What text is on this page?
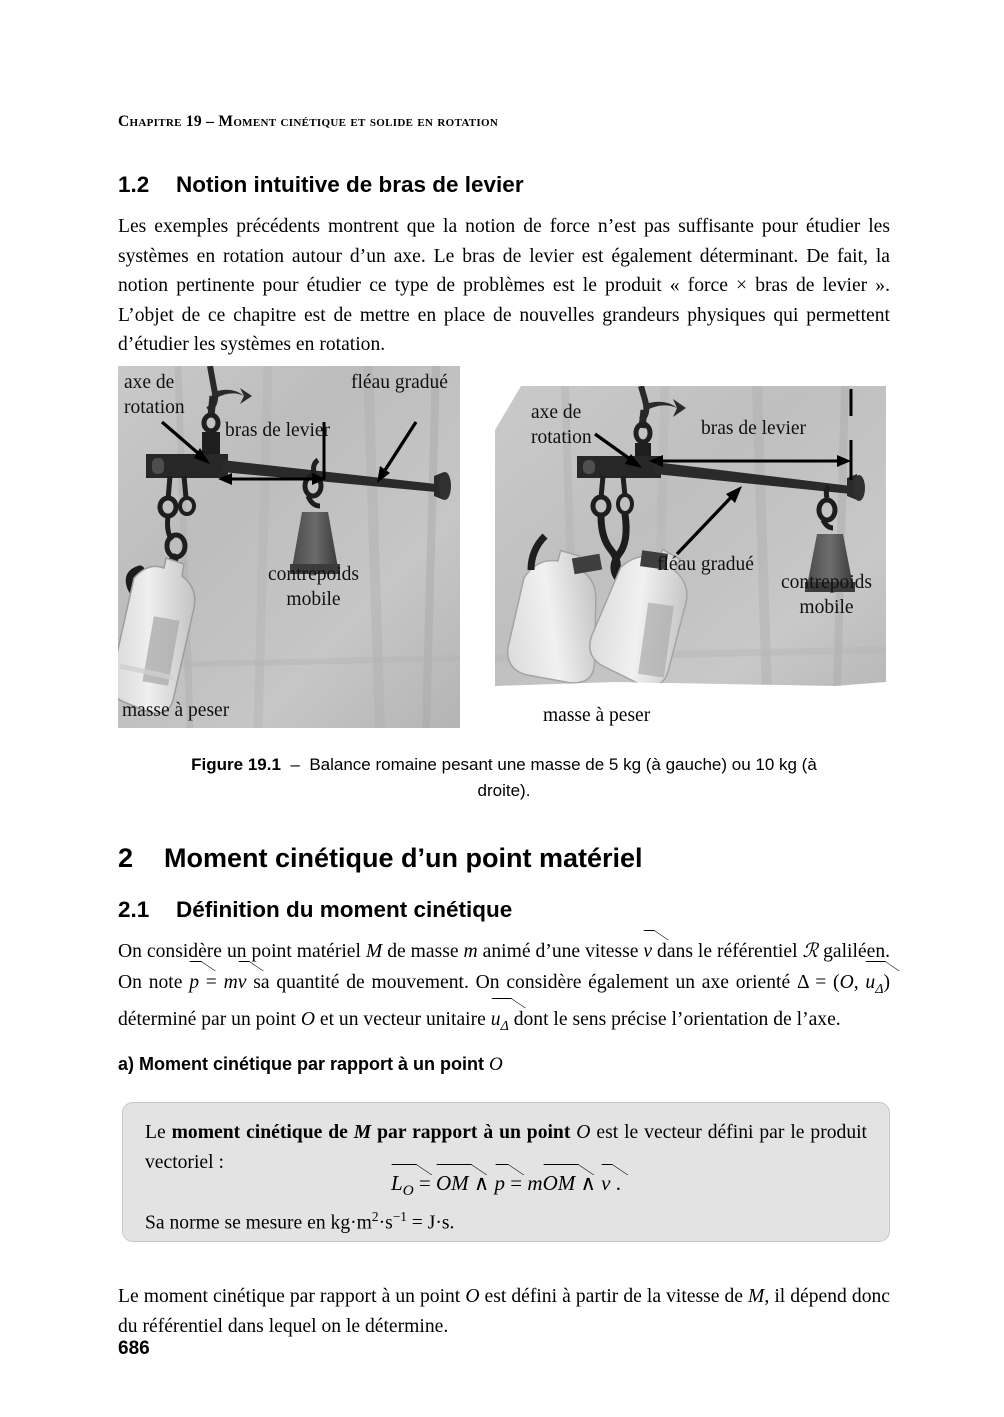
Chapitre 19 – Moment cinétique et solide en rotation
1.2 Notion intuitive de bras de levier
Les exemples précédents montrent que la notion de force n’est pas suffisante pour étudier les systèmes en rotation autour d’un axe. Le bras de levier est également déterminant. De fait, la notion pertinente pour étudier ce type de problèmes est le produit « force × bras de levier ». L’objet de ce chapitre est de mettre en place de nouvelles grandeurs physiques qui permettent d’étudier les systèmes en rotation.
axe de
rotation
bras de levier
fléau gradué
contrepoids
mobile
masse à peser
axe de
rotation	bras de levier
fléau gradué
contrepoids
mobile
masse à peser
Figure 19.1 – Balance romaine pesant une masse de 5 kg (à gauche) ou 10 kg (à droite).
2 Moment cinétique d’un point matériel
2.1 Définition du moment cinétique
On considère un point matériel M de masse m animé d’une vitesse v dans le référentiel ℛ galiléen. On note p = mv sa quantité de mouvement. On considère également un axe orienté Δ = (O, $u_\Delta$) déterminé par un point O et un vecteur unitaire $u_\Delta$ dont le sens précise l’orientation de l’axe.
a) Moment cinétique par rapport à un point O
Le moment cinétique de M par rapport à un point O est le vecteur défini par le produit vectoriel :
$L_O$ = OM ∧ p = mOM ∧ v .
Sa norme se mesure en $kg\cdot m^2\cdot s^{-1} = J\cdot s$.
Le moment cinétique par rapport à un point O est défini à partir de la vitesse de M, il dépend donc du référentiel dans lequel on le détermine.
686
